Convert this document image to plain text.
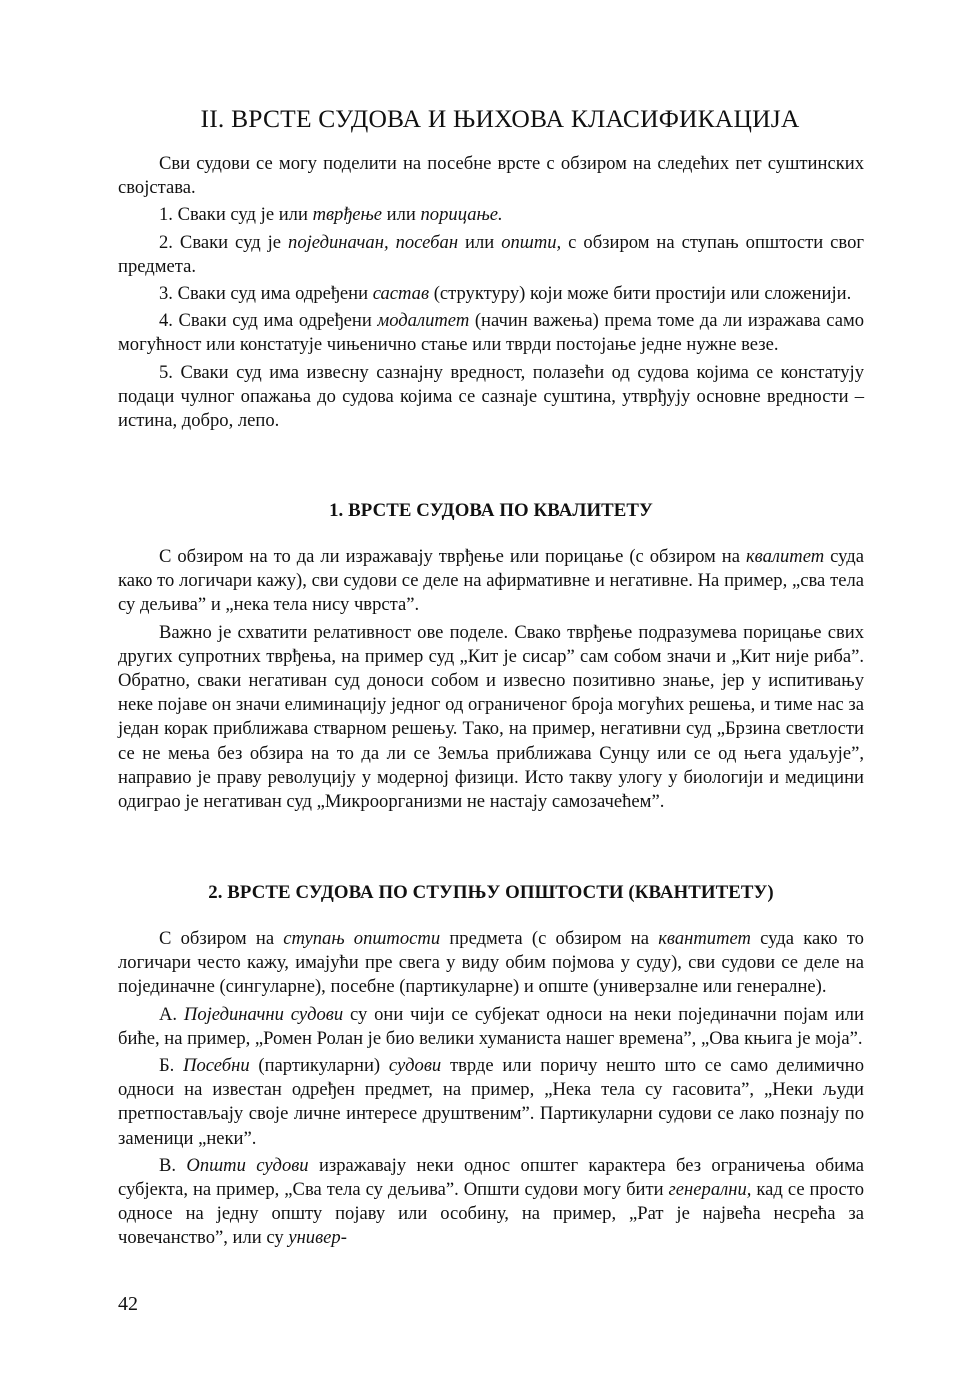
II. ВРСТЕ СУДОВА И ЊИХОВА КЛАСИФИКАЦИЈА

Сви судови се могу поделити на посебне врсте с обзиром на следећих пет суштинских својстава.

1. Сваки суд је или тврђење или порицање.

2. Сваки суд је појединачан, посебан или општи, с обзиром на ступањ општости свог предмета.

3. Сваки суд има одређени састав (структуру) који може бити простији или сложенији.

4. Сваки суд има одређени модалитет (начин важења) према томе да ли изражава само могућност или констатује чињенично стање или тврди постојање једне нужне везе.

5. Сваки суд има извесну сазнајну вредност, полазећи од судова којима се констатују подаци чулног опажања до судова којима се сазнаје суштина, утврђују основне вредности – истина, добро, лепо.

1. ВРСТЕ СУДОВА ПО КВАЛИТЕТУ

С обзиром на то да ли изражавају тврђење или порицање (с обзиром на квалитет суда како то логичари кажу), сви судови се деле на афирмативне и негативне. На пример, „сва тела су дељива” и „нека тела нису чврста”.

Важно је схватити релативност ове поделе. Свако тврђење подразумева порицање свих других супротних тврђења, на пример суд „Кит је сисар” сам собом значи и „Кит није риба”. Обратно, сваки негативан суд доноси собом и извесно позитивно знање, јер у испитивању неке појаве он значи елиминацију једног од ограниченог броја могућих решења, и тиме нас за један корак приближава стварном решењу. Тако, на пример, негативни суд „Брзина светлости се не мења без обзира на то да ли се Земља приближава Сунцу или се од њега удаљује”, направио је праву револуцију у модерној физици. Исто такву улогу у биологији и медицини одиграо је негативан суд „Микроорганизми не настају самозачећем”.

2. ВРСТЕ СУДОВА ПО СТУПЊУ ОПШТОСТИ (КВАНТИТЕТУ)

С обзиром на ступањ општости предмета (с обзиром на квантитет суда како то логичари често кажу, имајући пре свега у виду обим појмова у суду), сви судови се деле на појединачне (сингуларне), посебне (партикуларне) и опште (универзалне или генералне).

А. Појединачни судови су они чији се субјекат односи на неки појединачни појам или биће, на пример, „Ромен Ролан је био велики хуманиста нашег времена”, „Ова књига је моја”.

Б. Посебни (партикуларни) судови тврде или поричу нешто што се само делимично односи на известан одређен предмет, на пример, „Нека тела су гасовита”, „Неки људи претпостављају своје личне интересе друштвеним”. Партикуларни судови се лако познају по заменици „неки”.

В. Општи судови изражавају неки однос општег карактера без ограничења обима субјекта, на пример, „Сва тела су дељива”. Општи судови могу бити генерални, кад се просто односе на једну општу појаву или особину, на пример, „Рат је највећа несрећа за човечанство”, или су универ-

42
